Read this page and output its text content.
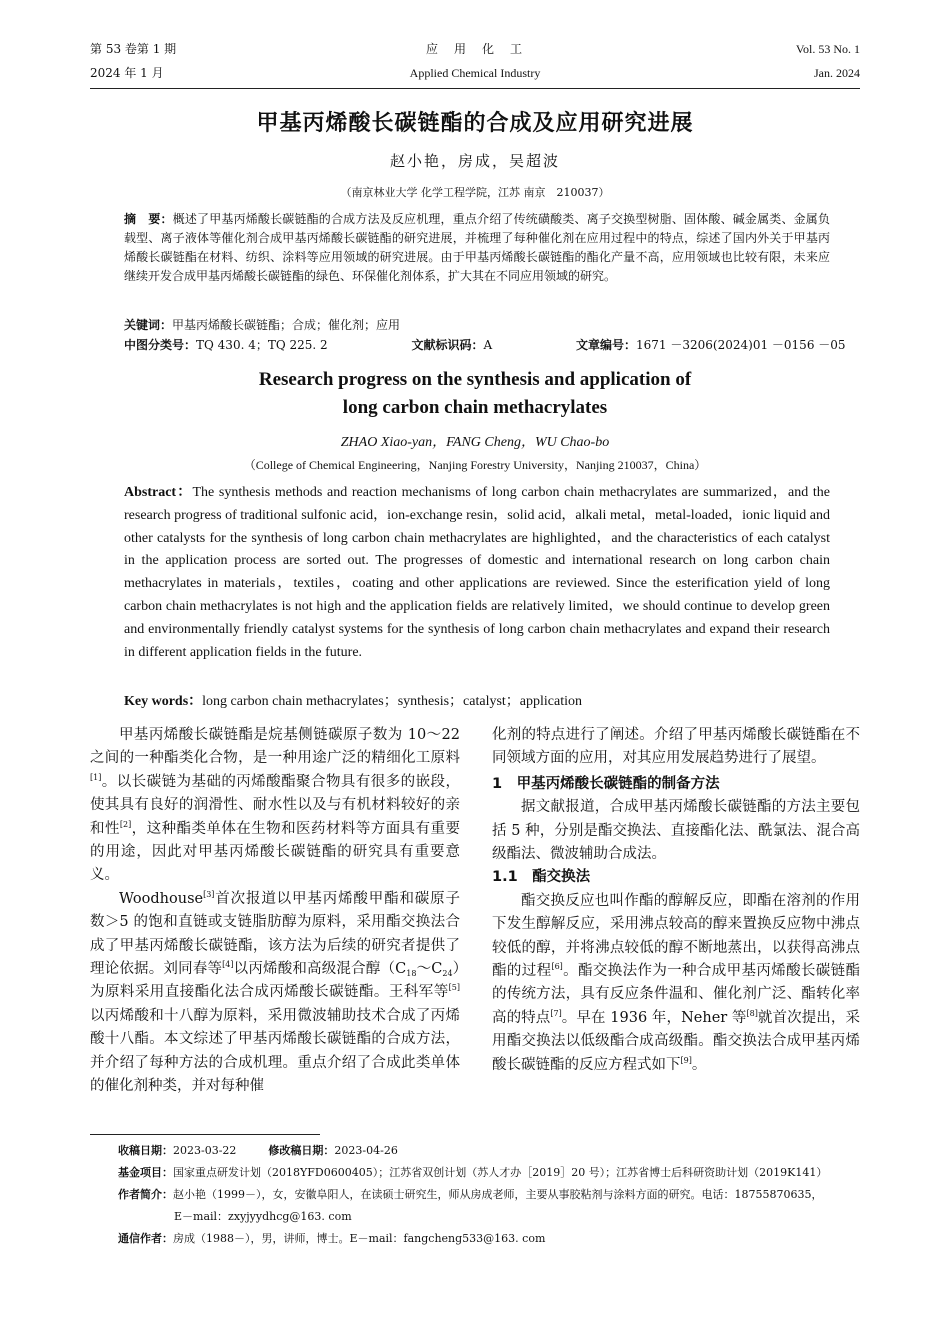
第 53 卷第 1 期
2024 年 1 月
应　用　化　工
Applied Chemical Industry
Vol. 53 No. 1
Jan. 2024
甲基丙烯酸长碳链酯的合成及应用研究进展
赵小艳，房成，吴超波
（南京林业大学 化学工程学院，江苏 南京　210037）
摘　要：概述了甲基丙烯酸长碳链酯的合成方法及反应机理，重点介绍了传统磺酸类、离子交换型树脂、固体酸、碱金属类、金属负载型、离子液体等催化剂合成甲基丙烯酸长碳链酯的研究进展，并梳理了每种催化剂在应用过程中的特点，综述了国内外关于甲基丙烯酸长碳链酯在材料、纺织、涂料等应用领域的研究进展。由于甲基丙烯酸长碳链酯的酯化产量不高，应用领域也比较有限，未来应继续开发合成甲基丙烯酸长碳链酯的绿色、环保催化剂体系，扩大其在不同应用领域的研究。
关键词：甲基丙烯酸长碳链酯；合成；催化剂；应用
中图分类号：TQ 430. 4；TQ 225. 2	文献标识码：A	文章编号：1671 －3206(2024)01 －0156 －05
Research progress on the synthesis and application of
long carbon chain methacrylates
ZHAO Xiao-yan，FANG Cheng，WU Chao-bo
（College of Chemical Engineering，Nanjing Forestry University，Nanjing 210037，China）
Abstract：The synthesis methods and reaction mechanisms of long carbon chain methacrylates are summarized，and the research progress of traditional sulfonic acid，ion-exchange resin，solid acid，alkali metal，metal-loaded，ionic liquid and other catalysts for the synthesis of long carbon chain methacrylates are highlighted，and the characteristics of each catalyst in the application process are sorted out. The progresses of domestic and international research on long carbon chain methacrylates in materials，textiles，coating and other applications are reviewed. Since the esterification yield of long carbon chain methacrylates is not high and the application fields are relatively limited，we should continue to develop green and environmentally friendly catalyst systems for the synthesis of long carbon chain methacrylates and expand their research in different application fields in the future.
Key words：long carbon chain methacrylates；synthesis；catalyst；application

甲基丙烯酸长碳链酯是烷基侧链碳原子数为 10～22 之间的一种酯类化合物，是一种用途广泛的精细化工原料[1]。以长碳链为基础的丙烯酸酯聚合物具有很多的嵌段，使其具有良好的润滑性、耐水性以及与有机材料较好的亲和性[2]，这种酯类单体在生物和医药材料等方面具有重要的用途，因此对甲基丙烯酸长碳链酯的研究具有重要意义。

Woodhouse[3]首次报道以甲基丙烯酸甲酯和碳原子数＞5 的饱和直链或支链脂肪醇为原料，采用酯交换法合成了甲基丙烯酸长碳链酯，该方法为后续的研究者提供了理论依据。刘同春等[4]以丙烯酸和高级混合醇$(C_{18}\sim C_{24})$为原料采用直接酯化法合成丙烯酸长碳链酯。王科军等[5]以丙烯酸和十八醇为原料，采用微波辅助技术合成了丙烯酸十八酯。本文综述了甲基丙烯酸长碳链酯的合成方法，并介绍了每种方法的合成机理。重点介绍了合成此类单体的催化剂种类，并对每种催

化剂的特点进行了阐述。介绍了甲基丙烯酸长碳链酯在不同领域方面的应用，对其应用发展趋势进行了展望。

1　甲基丙烯酸长碳链酯的制备方法

据文献报道，合成甲基丙烯酸长碳链酯的方法主要包括 5 种，分别是酯交换法、直接酯化法、酰氯法、混合高级酯法、微波辅助合成法。

1.1　酯交换法

酯交换反应也叫作酯的醇解反应，即酯在溶剂的作用下发生醇解反应，采用沸点较高的醇来置换反应物中沸点较低的醇，并将沸点较低的醇不断地蒸出，以获得高沸点酯的过程[6]。酯交换法作为一种合成甲基丙烯酸长碳链酯的传统方法，具有反应条件温和、催化剂广泛、酯转化率高的特点[7]。早在 1936 年，Neher 等[8]就首次提出，采用酯交换法以低级酯合成高级酯。酯交换法合成甲基丙烯酸长碳链酯的反应方程式如下[9]。

收稿日期：2023-03-22	修改稿日期：2023-04-26
基金项目：国家重点研发计划（2018YFD0600405）；江苏省双创计划（苏人才办［2019］20 号）；江苏省博士后科研资助计划（2019K141）
作者简介：赵小艳（1999－），女，安徽阜阳人，在读硕士研究生，师从房成老师，主要从事胶粘剂与涂料方面的研究。电话：18755870635，
E－mail：zxyjyydhcg@163. com
通信作者：房成（1988－），男，讲师，博士。E－mail：fangcheng533@163. com
